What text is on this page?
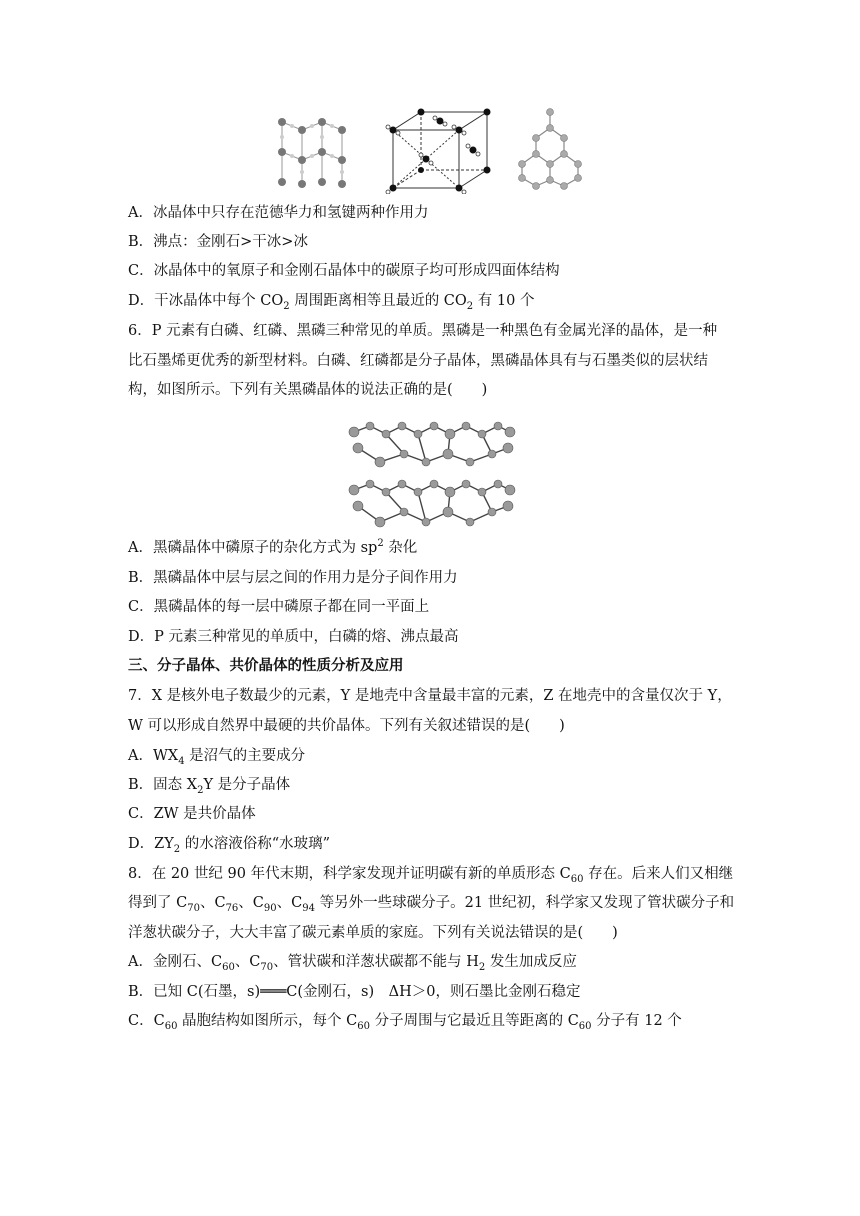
A．冰晶体中只存在范德华力和氢键两种作用力
B．沸点：金刚石>干冰>冰
C．冰晶体中的氧原子和金刚石晶体中的碳原子均可形成四面体结构
D．干冰晶体中每个 $CO_2$ 周围距离相等且最近的 $CO_2$ 有 10 个
6．P 元素有白磷、红磷、黑磷三种常见的单质。黑磷是一种黑色有金属光泽的晶体，是一种
比石墨烯更优秀的新型材料。白磷、红磷都是分子晶体，黑磷晶体具有与石墨类似的层状结
构，如图所示。下列有关黑磷晶体的说法正确的是(　　)
A．黑磷晶体中磷原子的杂化方式为 $sp^2$ 杂化
B．黑磷晶体中层与层之间的作用力是分子间作用力
C．黑磷晶体的每一层中磷原子都在同一平面上
D．P 元素三种常见的单质中，白磷的熔、沸点最高
三、分子晶体、共价晶体的性质分析及应用
7．X 是核外电子数最少的元素，Y 是地壳中含量最丰富的元素，Z 在地壳中的含量仅次于 Y，
W 可以形成自然界中最硬的共价晶体。下列有关叙述错误的是(　　)
A．$WX_4$ 是沼气的主要成分
B．固态 $X_2Y$ 是分子晶体
C．ZW 是共价晶体
D．$ZY_2$ 的水溶液俗称“水玻璃”
8．在 20 世纪 90 年代末期，科学家发现并证明碳有新的单质形态 $C_{60}$ 存在。后来人们又相继
得到了 $C_{70}$、$C_{76}$、$C_{90}$、$C_{94}$ 等另外一些球碳分子。21 世纪初，科学家又发现了管状碳分子和
洋葱状碳分子，大大丰富了碳元素单质的家庭。下列有关说法错误的是(　　)
A．金刚石、$C_{60}$、$C_{70}$、管状碳和洋葱状碳都不能与 $H_2$ 发生加成反应
B．已知 C(石墨，s)═══C(金刚石，s)　ΔH＞0，则石墨比金刚石稳定
C．$C_{60}$ 晶胞结构如图所示，每个 $C_{60}$ 分子周围与它最近且等距离的 $C_{60}$ 分子有 12 个
